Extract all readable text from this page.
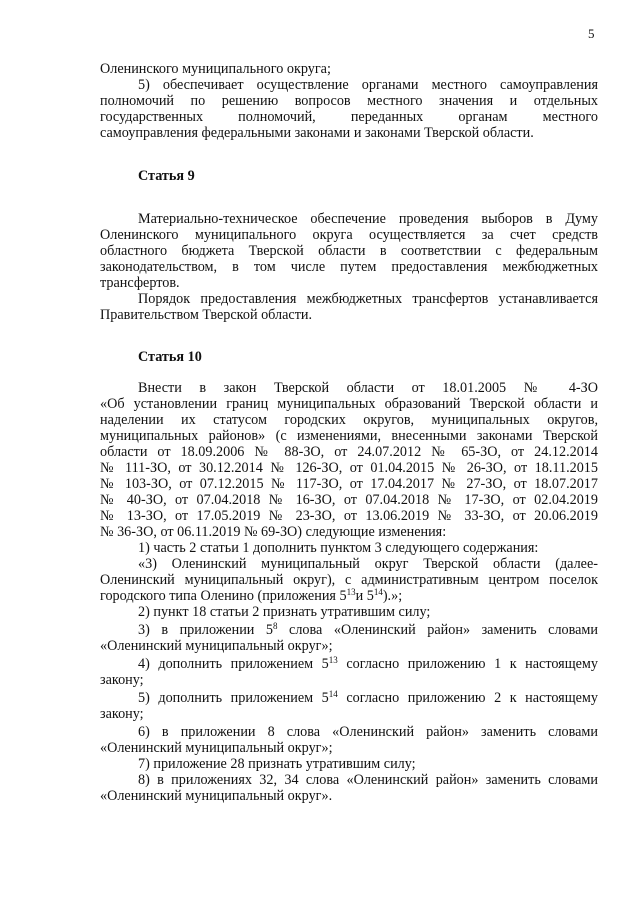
5
Оленинского муниципального округа;
5) обеспечивает осуществление органами местного самоуправления
полномочий по решению вопросов местного значения и отдельных
государственных полномочий, переданных органам местного
самоуправления федеральными законами и законами Тверской области.
Статья 9
Материально-техническое обеспечение проведения выборов в Думу
Оленинского муниципального округа осуществляется за счет средств
областного бюджета Тверской области в соответствии с федеральным
законодательством, в том числе путем предоставления межбюджетных
трансфертов.
Порядок предоставления межбюджетных трансфертов устанавливается
Правительством Тверской области.
Статья 10
Внести в закон Тверской области от 18.01.2005 № 4-ЗО
«Об установлении границ муниципальных образований Тверской области и
наделении их статусом городских округов, муниципальных округов,
муниципальных районов» (с изменениями, внесенными законами Тверской
области от 18.09.2006 № 88-ЗО, от 24.07.2012 № 65-ЗО, от 24.12.2014
№ 111-ЗО, от 30.12.2014 № 126-ЗО, от 01.04.2015 № 26-ЗО, от 18.11.2015
№ 103-ЗО, от 07.12.2015 № 117-ЗО, от 17.04.2017 № 27-ЗО, от 18.07.2017
№ 40-ЗО, от 07.04.2018 № 16-ЗО, от 07.04.2018 № 17-ЗО, от 02.04.2019
№ 13-ЗО, от 17.05.2019 № 23-ЗО, от 13.06.2019 № 33-ЗО, от 20.06.2019
№ 36-ЗО, от 06.11.2019 № 69-ЗО) следующие изменения:
1) часть 2 статьи 1 дополнить пунктом 3 следующего содержания:
«3) Оленинский муниципальный округ Тверской области (далее-
Оленинский муниципальный округ), с административным центром поселок
городского типа Оленино (приложения $5^{13}и$ $5^{14}$).»;
2) пункт 18 статьи 2 признать утратившим силу;
3) в приложении $5^8$ слова «Оленинский район» заменить словами
«Оленинский муниципальный округ»;
4) дополнить приложением $5^{13}$ согласно приложению 1 к настоящему
закону;
5) дополнить приложением $5^{14}$ согласно приложению 2 к настоящему
закону;
6) в приложении 8 слова «Оленинский район» заменить словами
«Оленинский муниципальный округ»;
7) приложение 28 признать утратившим силу;
8) в приложениях 32, 34 слова «Оленинский район» заменить словами
«Оленинский муниципальный округ».
